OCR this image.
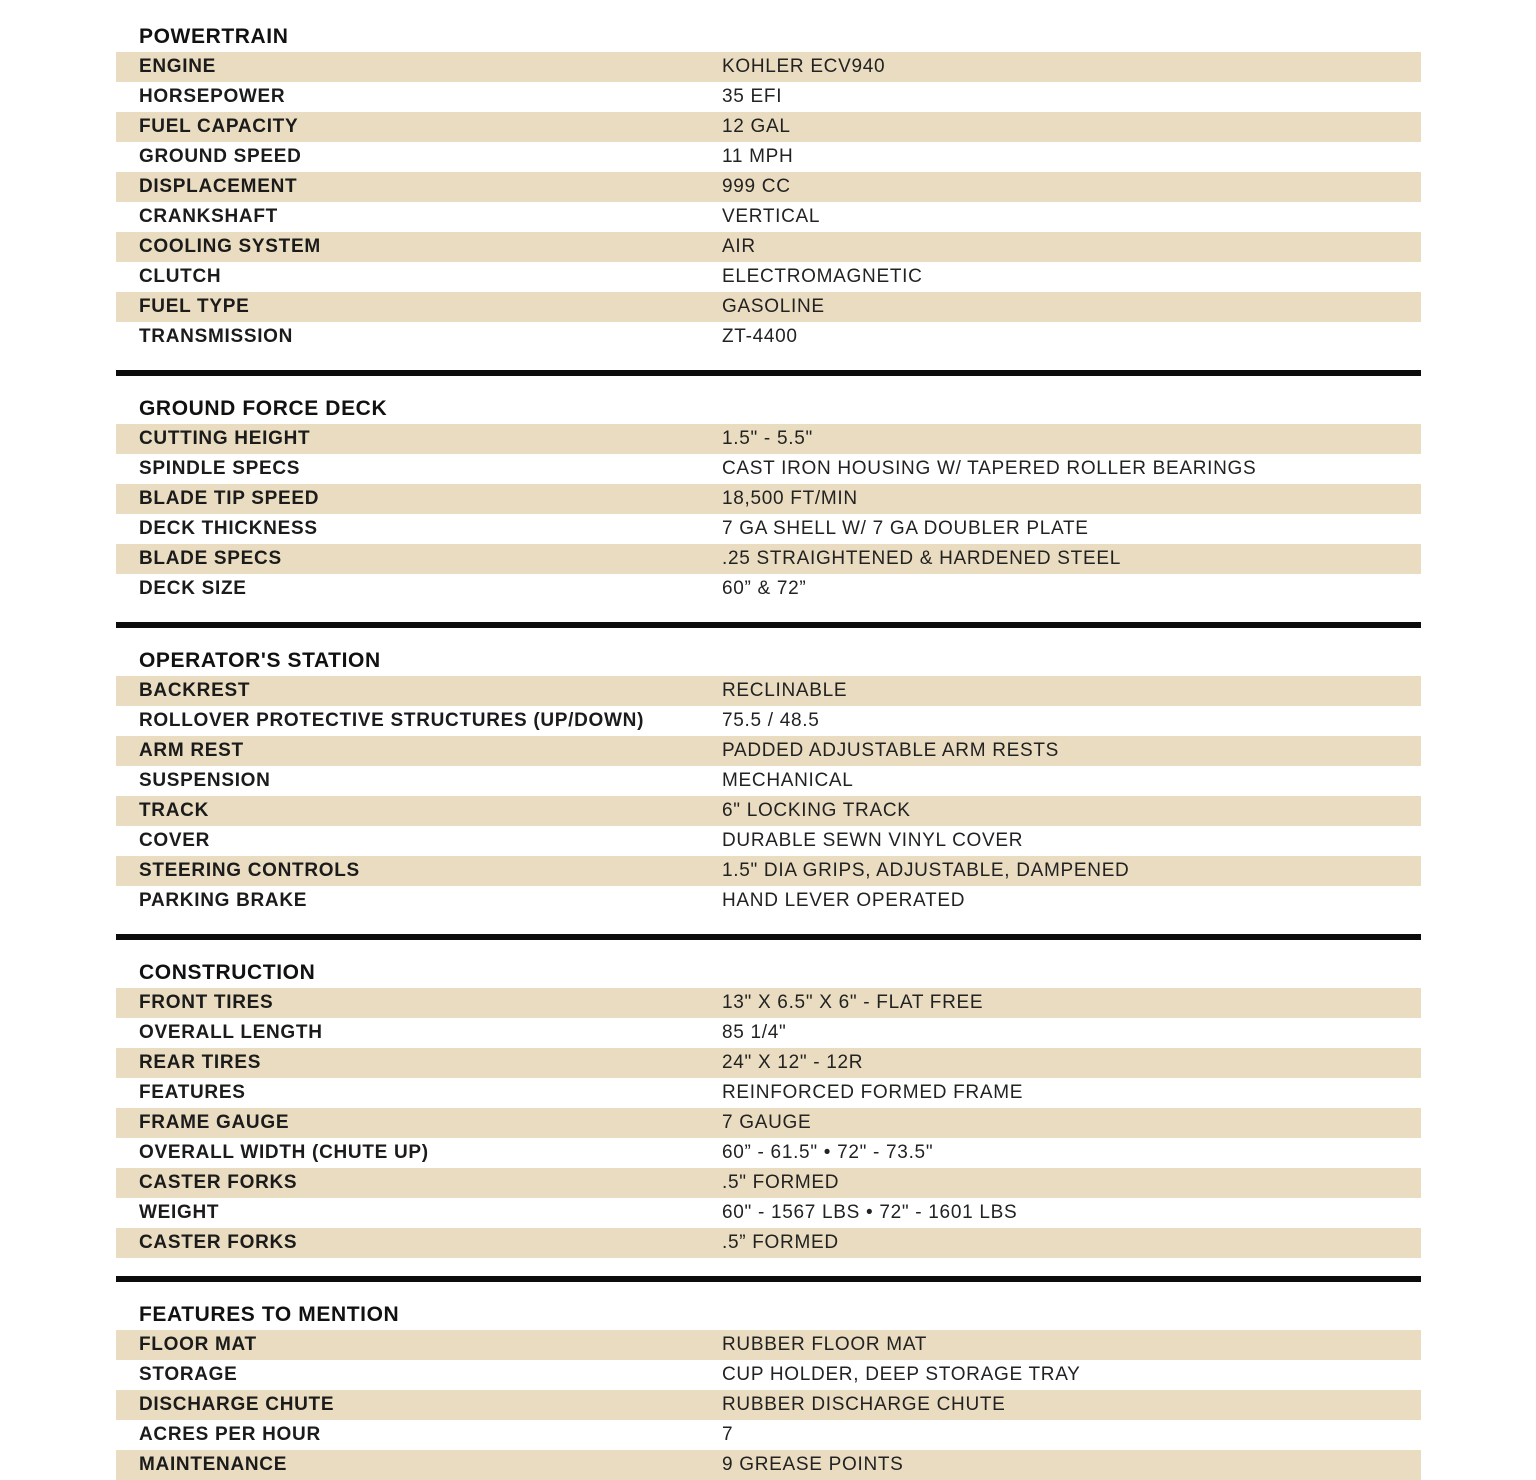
POWERTRAIN
ENGINE	KOHLER ECV940
HORSEPOWER	35 EFI
FUEL CAPACITY	12 GAL
GROUND SPEED	11 MPH
DISPLACEMENT	999 CC
CRANKSHAFT	VERTICAL
COOLING SYSTEM	AIR
CLUTCH	ELECTROMAGNETIC
FUEL TYPE	GASOLINE
TRANSMISSION	ZT-4400
GROUND FORCE DECK
CUTTING HEIGHT	1.5" - 5.5"
SPINDLE SPECS	CAST IRON HOUSING W/ TAPERED ROLLER BEARINGS
BLADE TIP SPEED	18,500 FT/MIN
DECK THICKNESS	7 GA SHELL W/ 7 GA DOUBLER PLATE
BLADE SPECS	.25 STRAIGHTENED & HARDENED STEEL
DECK SIZE	60” & 72”
OPERATOR'S STATION
BACKREST	RECLINABLE
ROLLOVER PROTECTIVE STRUCTURES (UP/DOWN)	75.5 / 48.5
ARM REST	PADDED ADJUSTABLE ARM RESTS
SUSPENSION	MECHANICAL
TRACK	6" LOCKING TRACK
COVER	DURABLE SEWN VINYL COVER
STEERING CONTROLS	1.5" DIA GRIPS, ADJUSTABLE, DAMPENED
PARKING BRAKE	HAND LEVER OPERATED
CONSTRUCTION
FRONT TIRES	13" X 6.5" X 6" - FLAT FREE
OVERALL LENGTH	85 1/4"
REAR TIRES	24" X 12" - 12R
FEATURES	REINFORCED FORMED FRAME
FRAME GAUGE	7 GAUGE
OVERALL WIDTH (CHUTE UP)	60” - 61.5" • 72" - 73.5"
CASTER FORKS	.5" FORMED
WEIGHT	60" - 1567 LBS • 72" - 1601 LBS
CASTER FORKS	.5” FORMED
FEATURES TO MENTION
FLOOR MAT	RUBBER FLOOR MAT
STORAGE	CUP HOLDER, DEEP STORAGE TRAY
DISCHARGE CHUTE	RUBBER DISCHARGE CHUTE
ACRES PER HOUR	7
MAINTENANCE	9 GREASE POINTS
